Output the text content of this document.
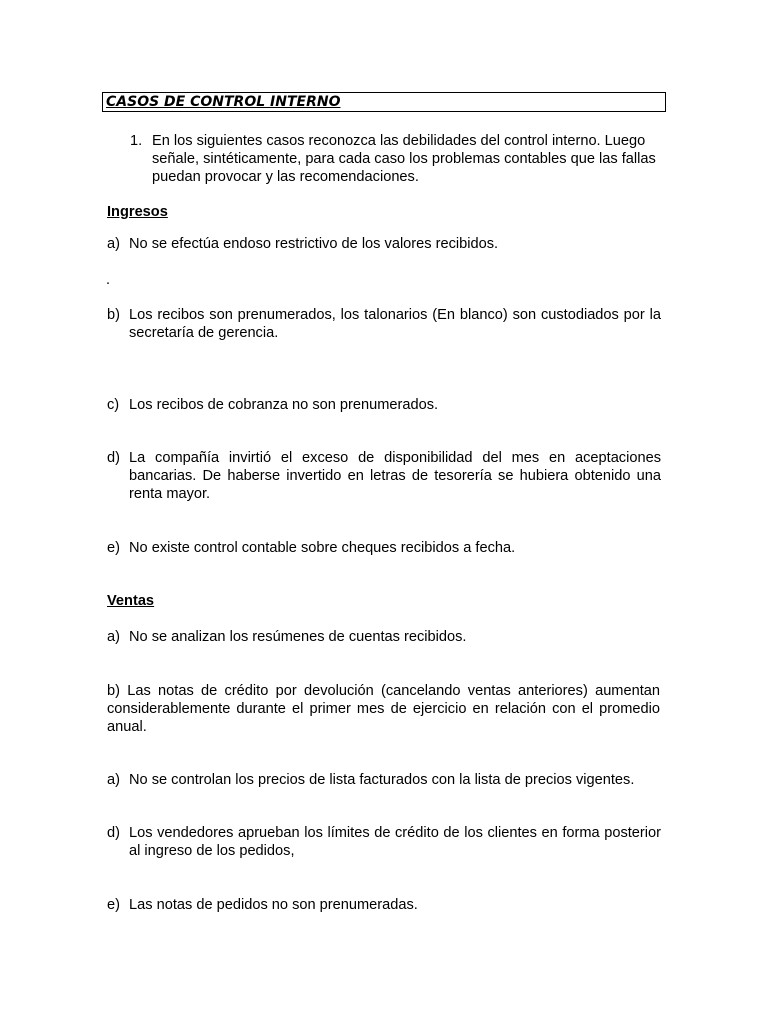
CASOS DE CONTROL INTERNO
1. En los siguientes casos reconozca las debilidades del control interno. Luego señale, sintéticamente, para cada caso los problemas contables que las fallas puedan provocar y las recomendaciones.
Ingresos
a) No se efectúa endoso restrictivo de los valores recibidos.
.
b) Los recibos son prenumerados, los talonarios (En blanco) son custodiados por la secretaría de gerencia.
c) Los recibos de cobranza no son prenumerados.
d) La compañía invirtió el exceso de disponibilidad del mes en aceptaciones bancarias. De haberse invertido en letras de tesorería se hubiera obtenido una renta mayor.
e) No existe control contable sobre cheques recibidos a fecha.
Ventas
a) No se analizan los resúmenes de cuentas recibidos.
b) Las notas de crédito por devolución (cancelando ventas anteriores) aumentan considerablemente durante el primer mes de ejercicio en relación con el promedio anual.
a) No se controlan los precios de lista facturados con la lista de precios vigentes.
d) Los vendedores aprueban los límites de crédito de los clientes en forma posterior al ingreso de los pedidos,
e) Las notas de pedidos no son prenumeradas.
